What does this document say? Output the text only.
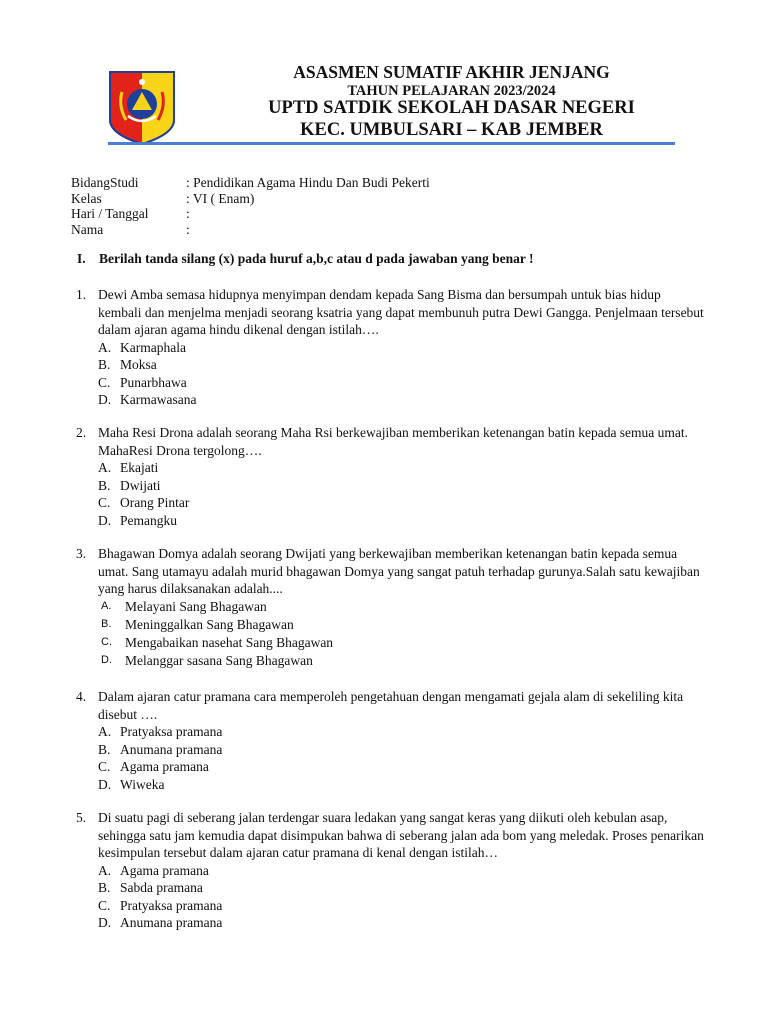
ASASMEN SUMATIF AKHIR JENJANG
TAHUN PELAJARAN 2023/2024
UPTD SATDIK SEKOLAH DASAR NEGERI
KEC. UMBULSARI – KAB JEMBER
BidangStudi	: Pendidikan Agama Hindu Dan Budi Pekerti
Kelas	: VI ( Enam)
Hari / Tanggal	:
Nama	:
I. Berilah tanda silang (x) pada huruf a,b,c atau d pada jawaban yang benar !
1. Dewi Amba semasa hidupnya menyimpan dendam kepada Sang Bisma dan bersumpah untuk bias hidup kembali dan menjelma menjadi seorang ksatria yang dapat membunuh putra Dewi Gangga. Penjelmaan tersebut dalam ajaran agama hindu dikenal dengan istilah….
A. Karmaphala
B. Moksa
C. Punarbhawa
D. Karmawasana
2. Maha Resi Drona adalah seorang Maha Rsi berkewajiban memberikan ketenangan batin kepada semua umat. MahaResi Drona tergolong….
A. Ekajati
B. Dwijati
C. Orang Pintar
D. Pemangku
3. Bhagawan Domya adalah seorang Dwijati yang berkewajiban memberikan ketenangan batin kepada semua umat. Sang utamayu adalah murid bhagawan Domya yang sangat patuh terhadap gurunya.Salah satu kewajiban yang harus dilaksanakan adalah....
A. Melayani Sang Bhagawan
B. Meninggalkan Sang Bhagawan
C. Mengabaikan nasehat Sang Bhagawan
D. Melanggar sasana Sang Bhagawan
4. Dalam ajaran catur pramana cara memperoleh pengetahuan dengan mengamati gejala alam di sekeliling kita disebut ….
A. Pratyaksa pramana
B. Anumana pramana
C. Agama pramana
D. Wiweka
5. Di suatu pagi di seberang jalan terdengar suara ledakan yang sangat keras yang diikuti oleh kebulan asap, sehingga satu jam kemudia dapat disimpukan bahwa di seberang jalan ada bom yang meledak. Proses penarikan kesimpulan tersebut dalam ajaran catur pramana di kenal dengan istilah…
A. Agama pramana
B. Sabda pramana
C. Pratyaksa pramana
D. Anumana pramana
